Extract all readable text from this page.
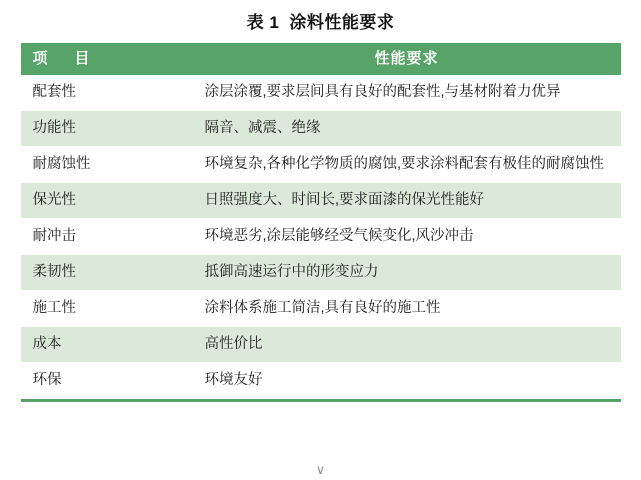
表 1 涂料性能要求
项　目	性能要求
配套性	涂层涂覆,要求层间具有良好的配套性,与基材附着力优异
功能性	隔音、减震、绝缘
耐腐蚀性	环境复杂,各种化学物质的腐蚀,要求涂料配套有极佳的耐腐蚀性
保光性	日照强度大、时间长,要求面漆的保光性能好
耐冲击	环境恶劣,涂层能够经受气候变化,风沙冲击
柔韧性	抵御高速运行中的形变应力
施工性	涂料体系施工简洁,具有良好的施工性
成本	高性价比
环保	环境友好
∨
